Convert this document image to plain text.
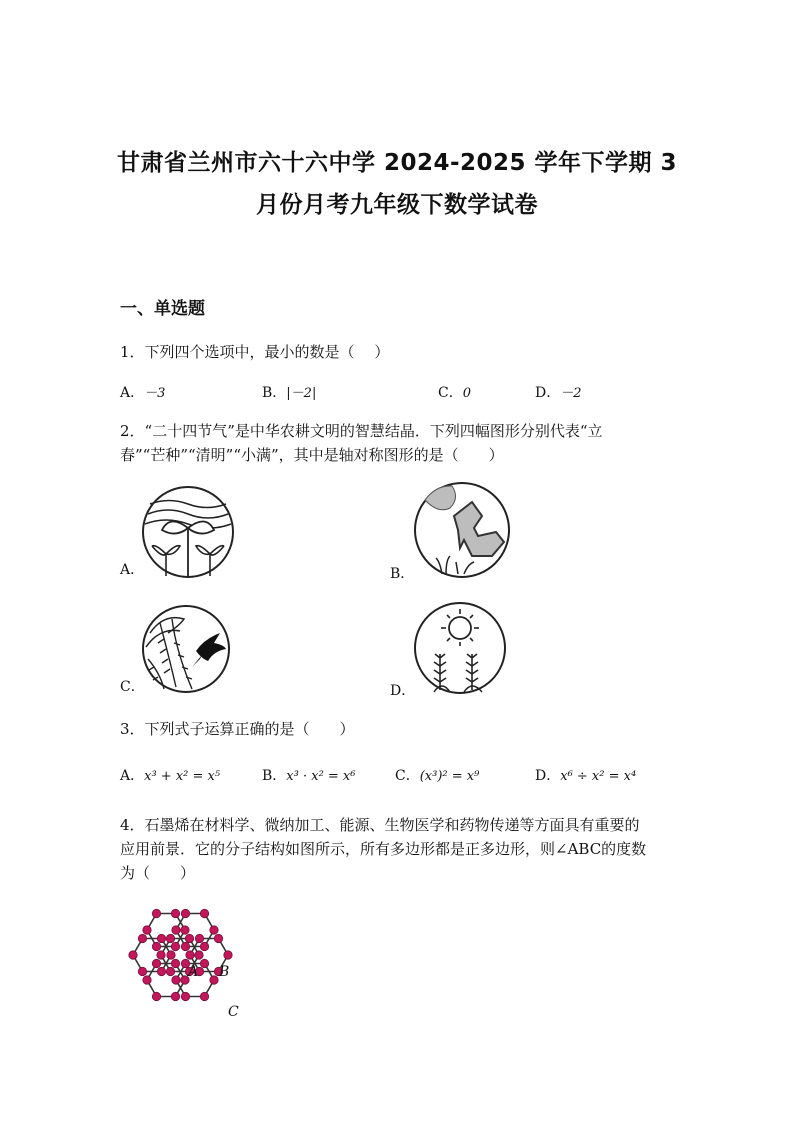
甘肃省兰州市六十六中学 2024-2025 学年下学期 3
月份月考九年级下数学试卷
一、单选题
1．下列四个选项中，最小的数是（　 ）
A．－3	B．|－2|	C．0	D．－2
2．“二十四节气”是中华农耕文明的智慧结晶．下列四幅图形分别代表“立
春”“芒种”“清明”“小满”，其中是轴对称图形的是（　　）
A．	B．
C．	D．
3．下列式子运算正确的是（　　）
A．x³ + x² = x⁵	B．x³ · x² = x⁶	C．(x³)² = x⁹	D．x⁶ ÷ x² = x⁴
4．石墨烯在材料学、微纳加工、能源、生物医学和药物传递等方面具有重要的
应用前景．它的分子结构如图所示，所有多边形都是正多边形，则∠ABC的度数
为（　　）
A B
C
